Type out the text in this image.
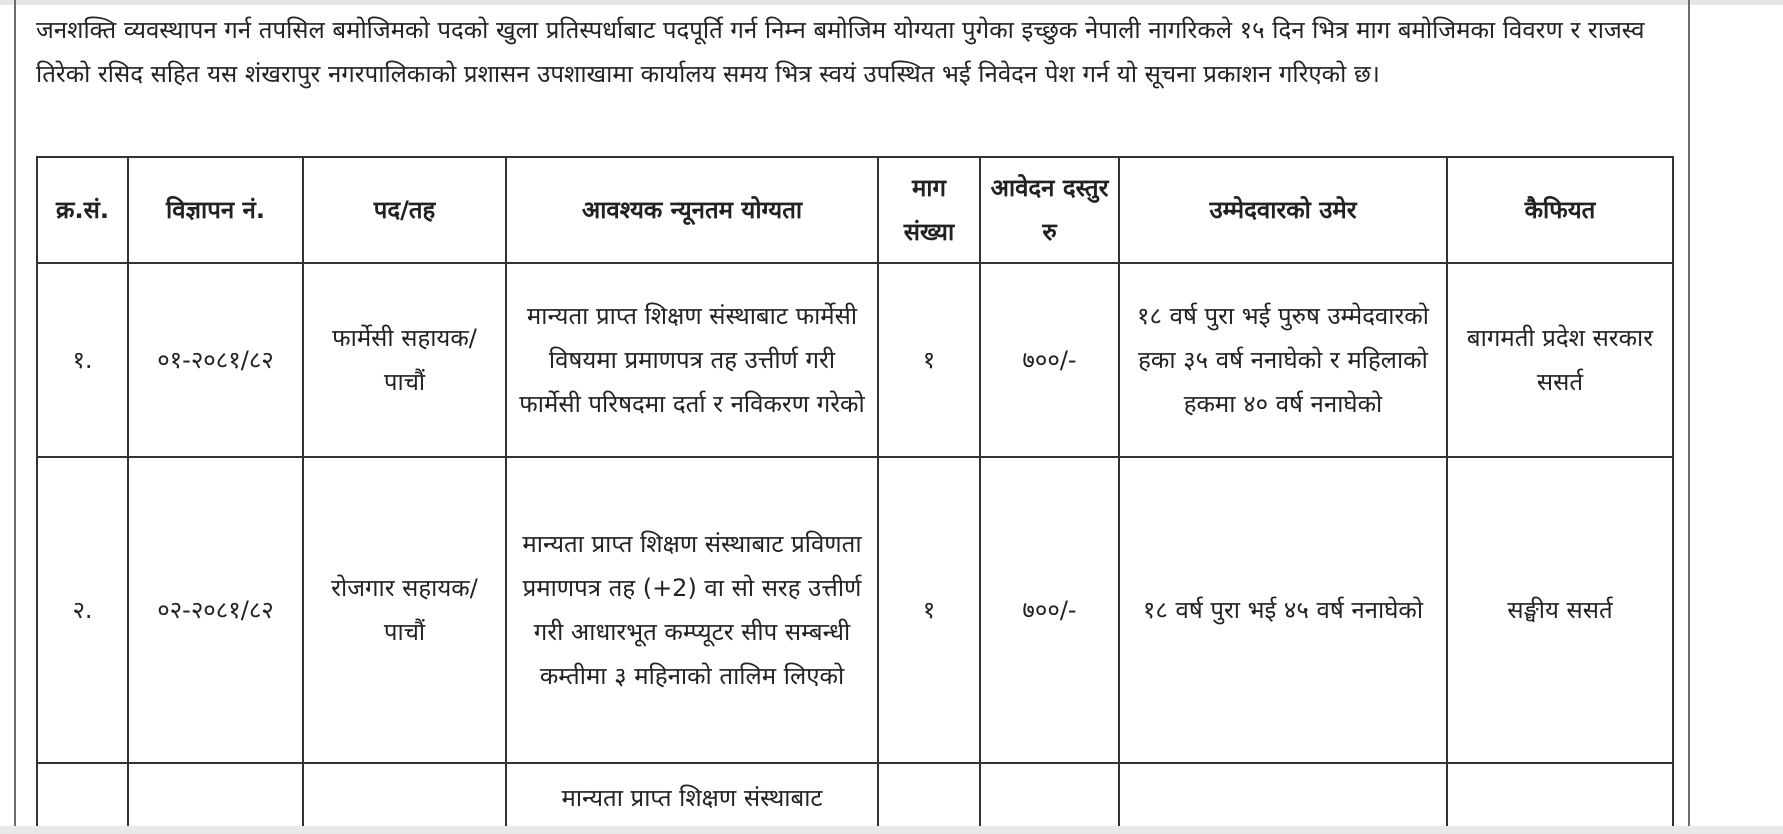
जनशक्ति व्यवस्थापन गर्न तपसिल बमोजिमको पदको खुला प्रतिस्पर्धाबाट पदपूर्ति गर्न निम्न बमोजिम योग्यता पुगेका इच्छुक नेपाली नागरिकले १५ दिन भित्र माग बमोजिमका विवरण र राजस्व तिरेको रसिद सहित यस शंखरापुर नगरपालिकाको प्रशासन उपशाखामा कार्यालय समय भित्र स्वयं उपस्थित भई निवेदन पेश गर्न यो सूचना प्रकाशन गरिएको छ।
क्र.सं.	विज्ञापन नं.	पद/तह	आवश्यक न्यूनतम योग्यता	माग संख्या	आवेदन दस्तुर रु	उम्मेदवारको उमेर	कैफियत
१.	०१-२०८१/८२	फार्मेसी सहायक/पाचौं	मान्यता प्राप्त शिक्षण संस्थाबाट फार्मेसी विषयमा प्रमाणपत्र तह उत्तीर्ण गरी फार्मेसी परिषदमा दर्ता र नविकरण गरेको	१	७००/-	१८ वर्ष पुरा भई पुरुष उम्मेदवारको हका ३५ वर्ष ननाघेको र महिलाको हकमा ४० वर्ष ननाघेको	बागमती प्रदेश सरकार ससर्त
२.	०२-२०८१/८२	रोजगार सहायक/पाचौं	मान्यता प्राप्त शिक्षण संस्थाबाट प्रविणता प्रमाणपत्र तह (+2) वा सो सरह उत्तीर्ण गरी आधारभूत कम्प्यूटर सीप सम्बन्धी कम्तीमा ३ महिनाको तालिम लिएको	१	७००/-	१८ वर्ष पुरा भई ४५ वर्ष ननाघेको	सङ्घीय ससर्त
			मान्यता प्राप्त शिक्षण संस्थाबाट				
